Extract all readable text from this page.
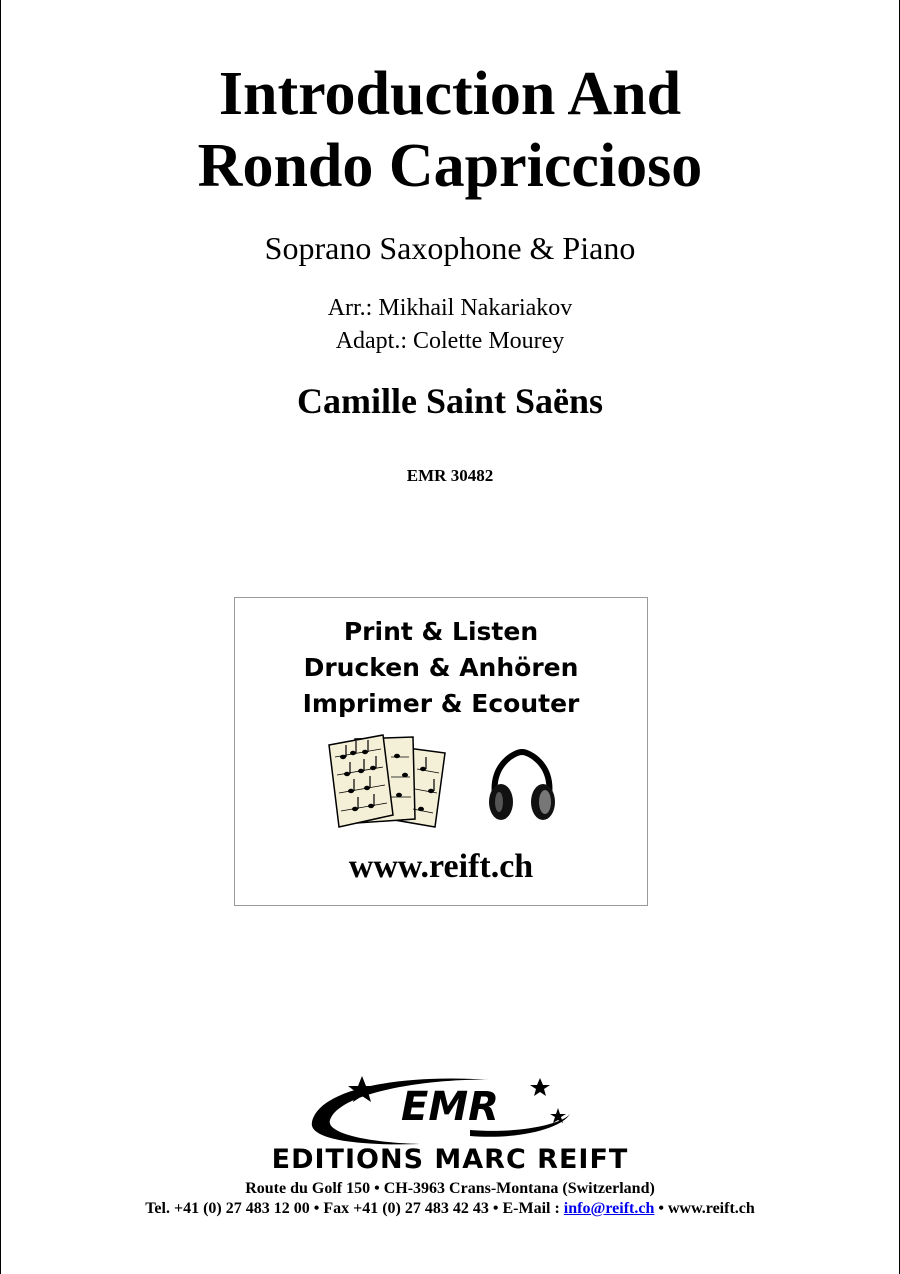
Introduction And
Rondo Capriccioso
Soprano Saxophone & Piano
Arr.: Mikhail Nakariakov
Adapt.: Colette Mourey
Camille Saint Saëns
EMR 30482
Print & Listen
Drucken & Anhören
Imprimer & Ecouter
www.reift.ch
EMR
EDITIONS MARC REIFT
Route du Golf 150 • CH-3963 Crans-Montana (Switzerland)
Tel. +41 (0) 27 483 12 00 • Fax +41 (0) 27 483 42 43 • E-Mail : info@reift.ch • www.reift.ch
